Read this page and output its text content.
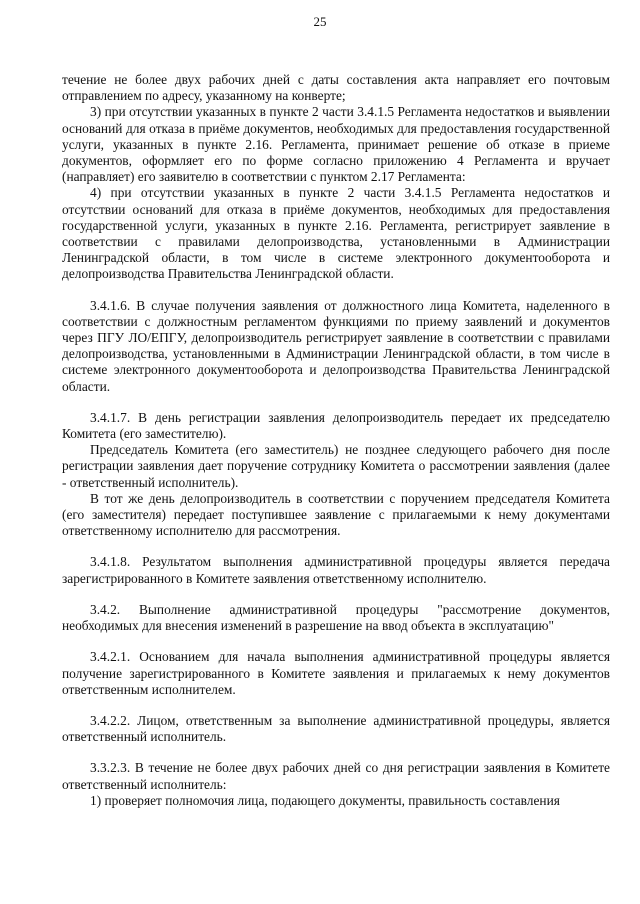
25

течение не более двух рабочих дней с даты составления акта направляет его почтовым отправлением по адресу, указанному на конверте;

3) при отсутствии указанных в пункте 2 части 3.4.1.5 Регламента недостатков и выявлении оснований для отказа в приёме документов, необходимых для предоставления государственной услуги, указанных в пункте 2.16. Регламента, принимает решение об отказе в приеме документов, оформляет его по форме согласно приложению 4 Регламента и вручает (направляет) его заявителю в соответствии с пунктом 2.17 Регламента:

4) при отсутствии указанных в пункте 2 части 3.4.1.5 Регламента недостатков и отсутствии оснований для отказа в приёме документов, необходимых для предоставления государственной услуги, указанных в пункте 2.16. Регламента, регистрирует заявление в соответствии с правилами делопроизводства, установленными в Администрации Ленинградской области, в том числе в системе электронного документооборота и делопроизводства Правительства Ленинградской области.

3.4.1.6. В случае получения заявления от должностного лица Комитета, наделенного в соответствии с должностным регламентом функциями по приему заявлений и документов через ПГУ ЛО/ЕПГУ, делопроизводитель регистрирует заявление в соответствии с правилами делопроизводства, установленными в Администрации Ленинградской области, в том числе в системе электронного документооборота и делопроизводства Правительства Ленинградской области.

3.4.1.7. В день регистрации заявления делопроизводитель передает их председателю Комитета (его заместителю).

Председатель Комитета (его заместитель) не позднее следующего рабочего дня после регистрации заявления дает поручение сотруднику Комитета о рассмотрении заявления (далее - ответственный исполнитель).

В тот же день делопроизводитель в соответствии с поручением председателя Комитета (его заместителя) передает поступившее заявление с прилагаемыми к нему документами ответственному исполнителю для рассмотрения.

3.4.1.8. Результатом выполнения административной процедуры является передача зарегистрированного в Комитете заявления ответственному исполнителю.

3.4.2. Выполнение административной процедуры "рассмотрение документов, необходимых для внесения изменений в разрешение на ввод объекта в эксплуатацию"

3.4.2.1. Основанием для начала выполнения административной процедуры является получение зарегистрированного в Комитете заявления и прилагаемых к нему документов ответственным исполнителем.

3.4.2.2. Лицом, ответственным за выполнение административной процедуры, является ответственный исполнитель.

3.3.2.3. В течение не более двух рабочих дней со дня регистрации заявления в Комитете ответственный исполнитель:

1) проверяет полномочия лица, подающего документы, правильность составления
